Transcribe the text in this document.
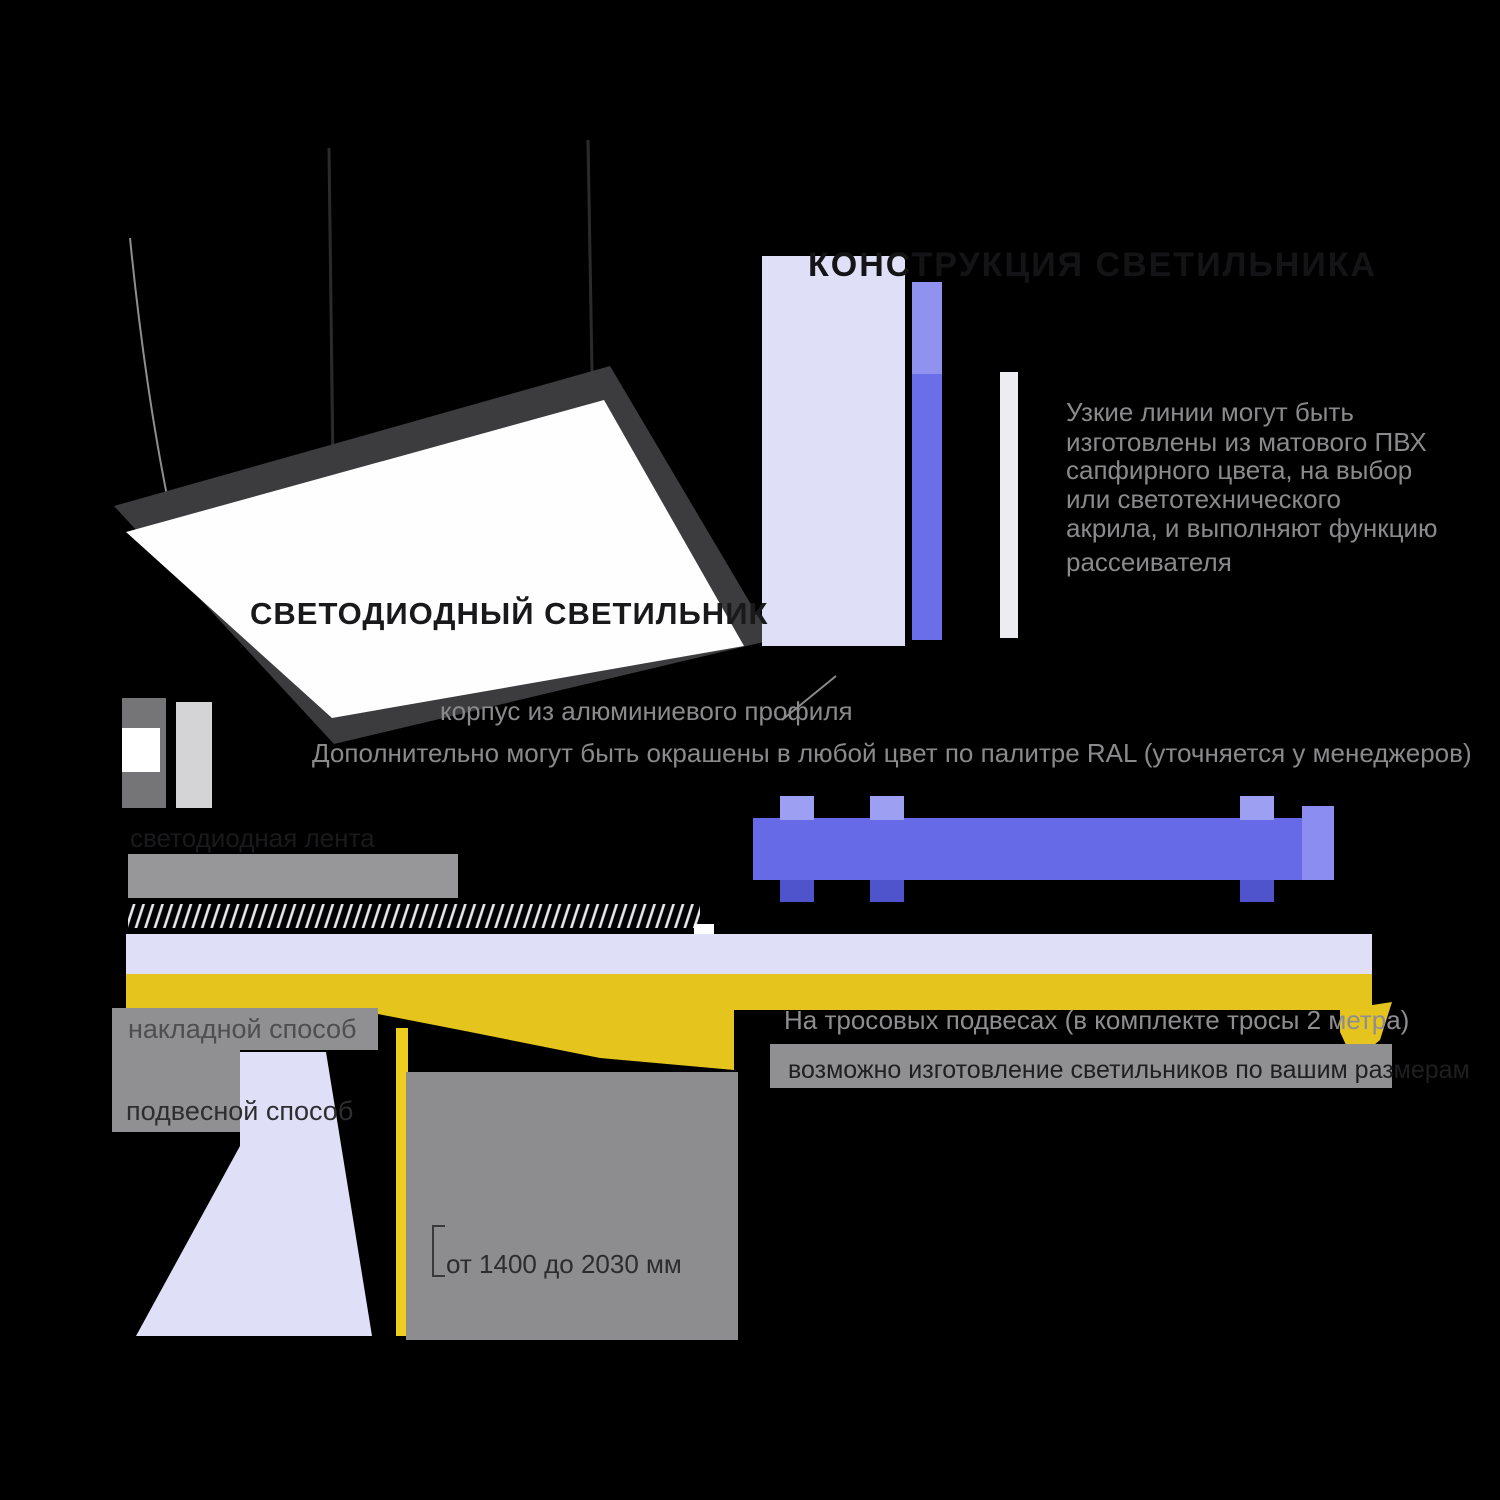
КОНСТРУКЦИЯ СВЕТИЛЬНИКА
СВЕТОДИОДНЫЙ СВЕТИЛЬНИК
Узкие линии могут быть
изготовлены из матового ПВХ
сапфирного цвета, на выбор
или светотехнического
акрила, и выполняют функцию
рассеивателя
корпус из алюминиевого профиля
Дополнительно могут быть окрашены в любой цвет по палитре RAL (уточняется у менеджеров)
светодиодная лента
накладной способ
подвесной способ
На тросовых подвесах (в комплекте тросы 2 метра)
возможно изготовление светильников по вашим размерам
от 1400 до 2030 мм
